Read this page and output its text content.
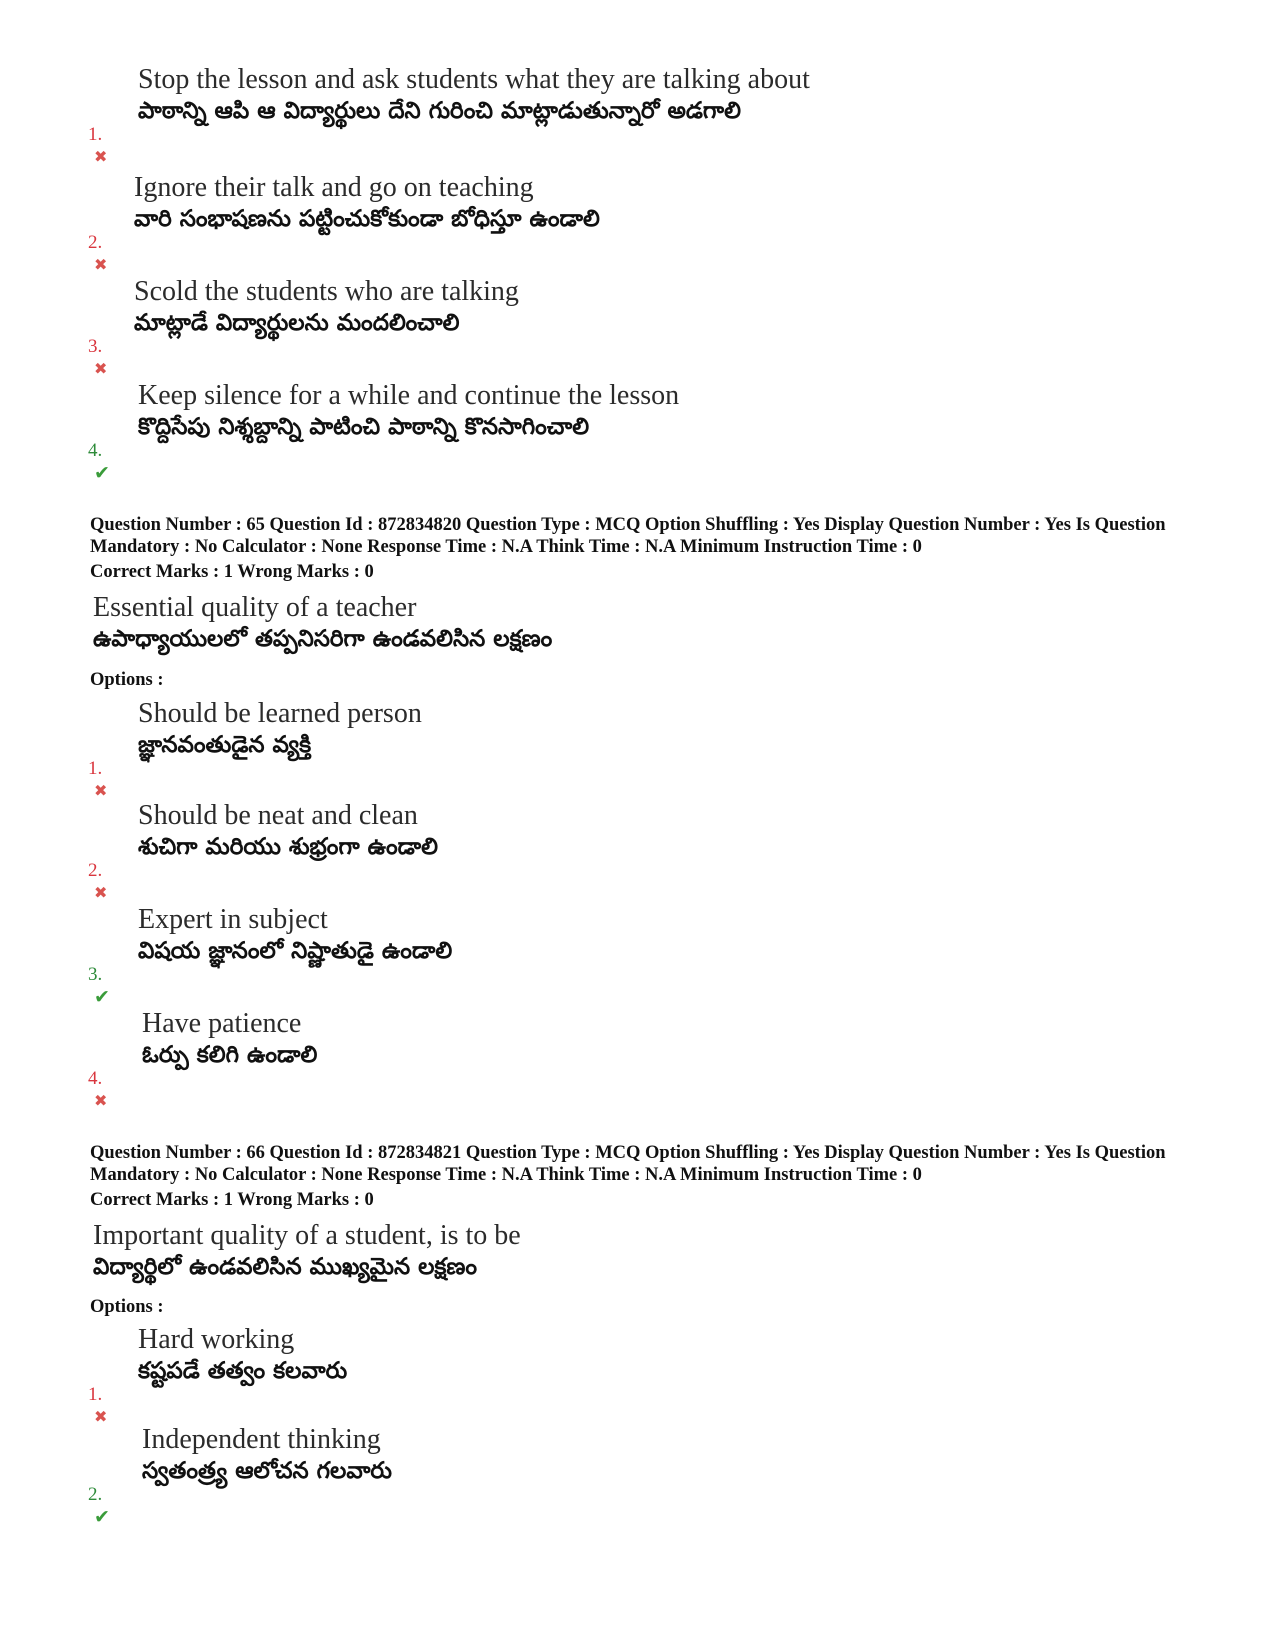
1.✖
Stop the lesson and ask students what they are talking about
పాఠాన్ని ఆపి ఆ విద్యార్థులు దేని గురించి మాట్లాడుతున్నారో అడగాలి
2.✖
Ignore their talk and go on teaching
వారి సంభాషణను పట్టించుకోకుండా బోధిస్తూ ఉండాలి
3.✖
Scold the students who are talking
మాట్లాడే విద్యార్థులను మందలించాలి
4.✔
Keep silence for a while and continue the lesson
కొద్దిసేపు నిశ్శబ్దాన్ని పాటించి పాఠాన్ని కొనసాగించాలి
Question Number : 65 Question Id : 872834820 Question Type : MCQ Option Shuffling : Yes Display Question Number : Yes Is Question Mandatory : No Calculator : None Response Time : N.A Think Time : N.A Minimum Instruction Time : 0
Correct Marks : 1 Wrong Marks : 0
Essential quality of a teacher
ఉపాధ్యాయులలో తప్పనిసరిగా ఉండవలిసిన లక్షణం
Options :
1.✖
Should be learned person
జ్ఞానవంతుడైన వ్యక్తి
2.✖
Should be neat and clean
శుచిగా మరియు శుభ్రంగా ఉండాలి
3.✔
Expert in subject
విషయ జ్ఞానంలో నిష్ణాతుడై ఉండాలి
4.✖
Have patience
ఓర్పు కలిగి ఉండాలి
Question Number : 66 Question Id : 872834821 Question Type : MCQ Option Shuffling : Yes Display Question Number : Yes Is Question Mandatory : No Calculator : None Response Time : N.A Think Time : N.A Minimum Instruction Time : 0
Correct Marks : 1 Wrong Marks : 0
Important quality of a student, is to be
విద్యార్థిలో ఉండవలిసిన ముఖ్యమైన లక్షణం
Options :
1.✖
Hard working
కష్టపడే తత్వం కలవారు
2.✔
Independent thinking
స్వతంత్ర్య ఆలోచన గలవారు
